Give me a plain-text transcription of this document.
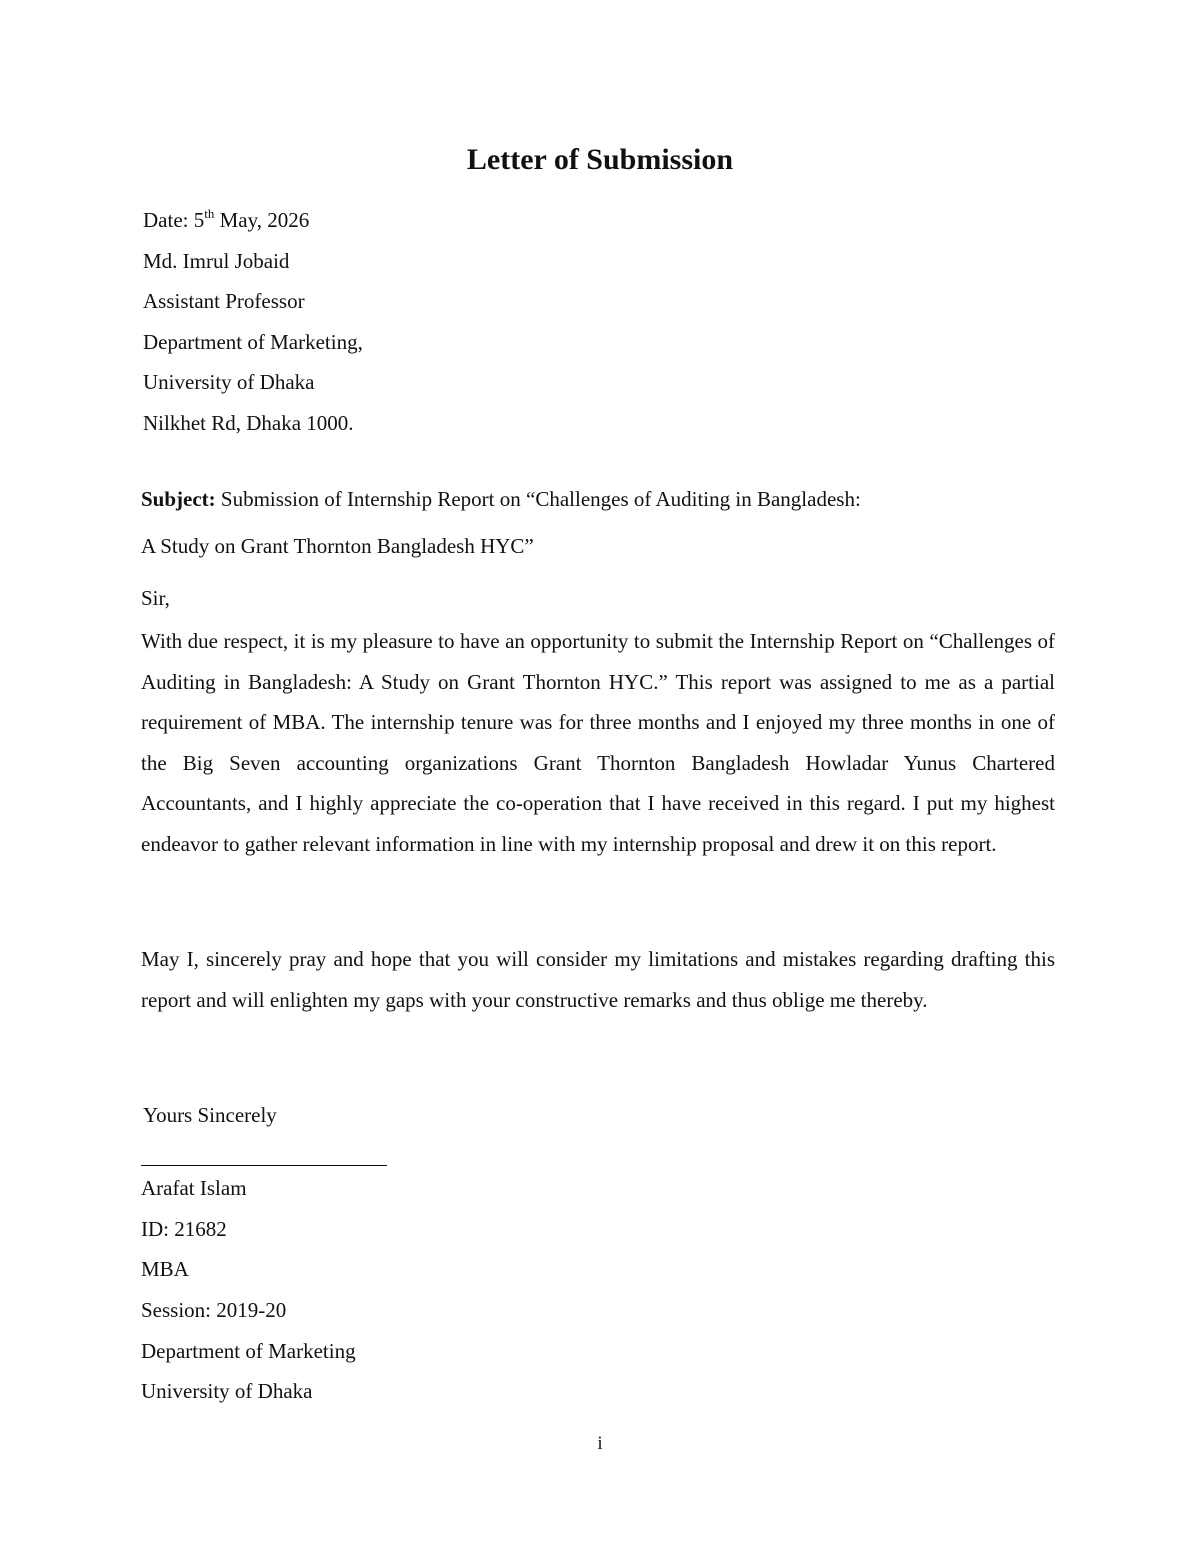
Letter of Submission
Date: 5th May, 2026
Md. Imrul Jobaid
Assistant Professor
Department of Marketing,
University of Dhaka
Nilkhet Rd, Dhaka 1000.
Subject: Submission of Internship Report on “Challenges of Auditing in Bangladesh:
A Study on Grant Thornton Bangladesh HYC”
Sir,
With due respect, it is my pleasure to have an opportunity to submit the Internship Report on “Challenges of Auditing in Bangladesh: A Study on Grant Thornton HYC.” This report was assigned to me as a partial requirement of MBA. The internship tenure was for three months and I enjoyed my three months in one of the Big Seven accounting organizations Grant Thornton Bangladesh Howladar Yunus Chartered Accountants, and I highly appreciate the co-operation that I have received in this regard. I put my highest endeavor to gather relevant information in line with my internship proposal and drew it on this report.
May I, sincerely pray and hope that you will consider my limitations and mistakes regarding drafting this report and will enlighten my gaps with your constructive remarks and thus oblige me thereby.
Yours Sincerely
Arafat Islam
ID: 21682
MBA
Session: 2019-20
Department of Marketing
University of Dhaka
i
